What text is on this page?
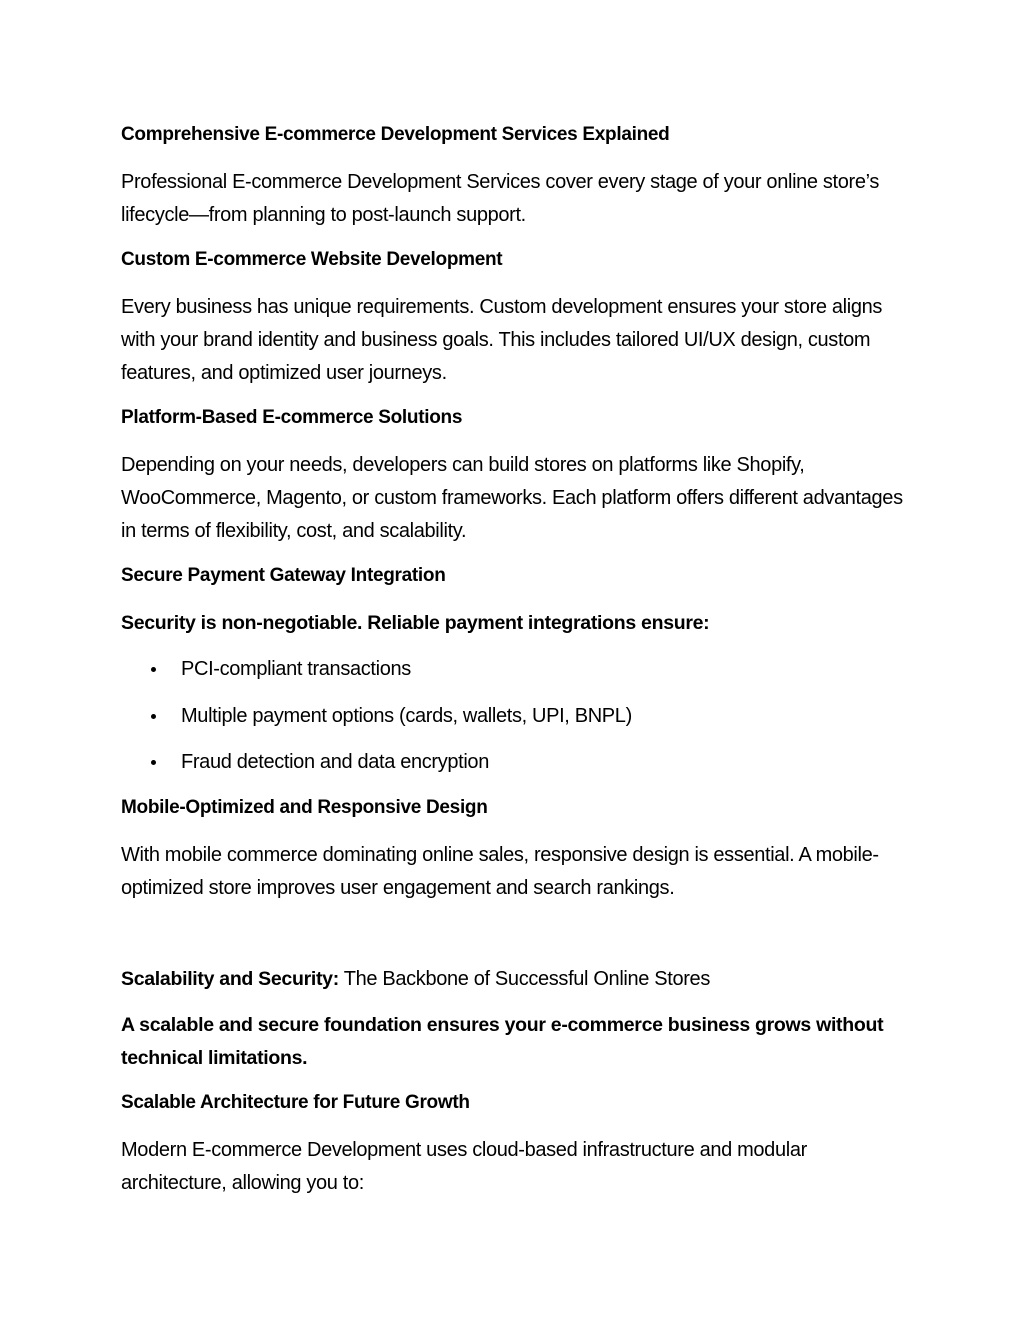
Comprehensive E-commerce Development Services Explained
Professional E-commerce Development Services cover every stage of your online store’s lifecycle—from planning to post-launch support.
Custom E-commerce Website Development
Every business has unique requirements. Custom development ensures your store aligns with your brand identity and business goals. This includes tailored UI/UX design, custom features, and optimized user journeys.
Platform-Based E-commerce Solutions
Depending on your needs, developers can build stores on platforms like Shopify, WooCommerce, Magento, or custom frameworks. Each platform offers different advantages in terms of flexibility, cost, and scalability.
Secure Payment Gateway Integration
Security is non-negotiable. Reliable payment integrations ensure:
PCI-compliant transactions
Multiple payment options (cards, wallets, UPI, BNPL)
Fraud detection and data encryption
Mobile-Optimized and Responsive Design
With mobile commerce dominating online sales, responsive design is essential. A mobile-optimized store improves user engagement and search rankings.
Scalability and Security: The Backbone of Successful Online Stores
A scalable and secure foundation ensures your e-commerce business grows without technical limitations.
Scalable Architecture for Future Growth
Modern E-commerce Development uses cloud-based infrastructure and modular architecture, allowing you to:
